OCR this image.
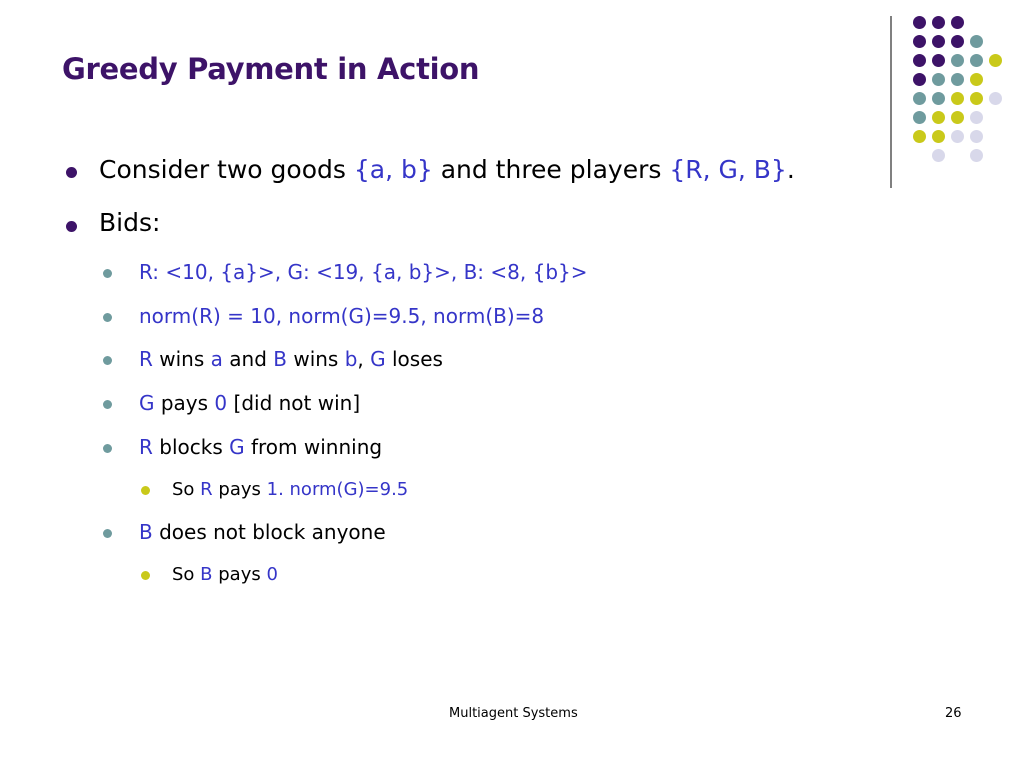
Greedy Payment in Action
Consider two goods {a, b} and three players {R, G, B}.
Bids:
R: <10, {a}>, G: <19, {a, b}>, B: <8, {b}>
norm(R) = 10, norm(G)=9.5, norm(B)=8
R wins a and B wins b, G loses
G pays 0 [did not win]
R blocks G from winning
So R pays 1. norm(G)=9.5
B does not block anyone
So B pays 0
Multiagent Systems	26
